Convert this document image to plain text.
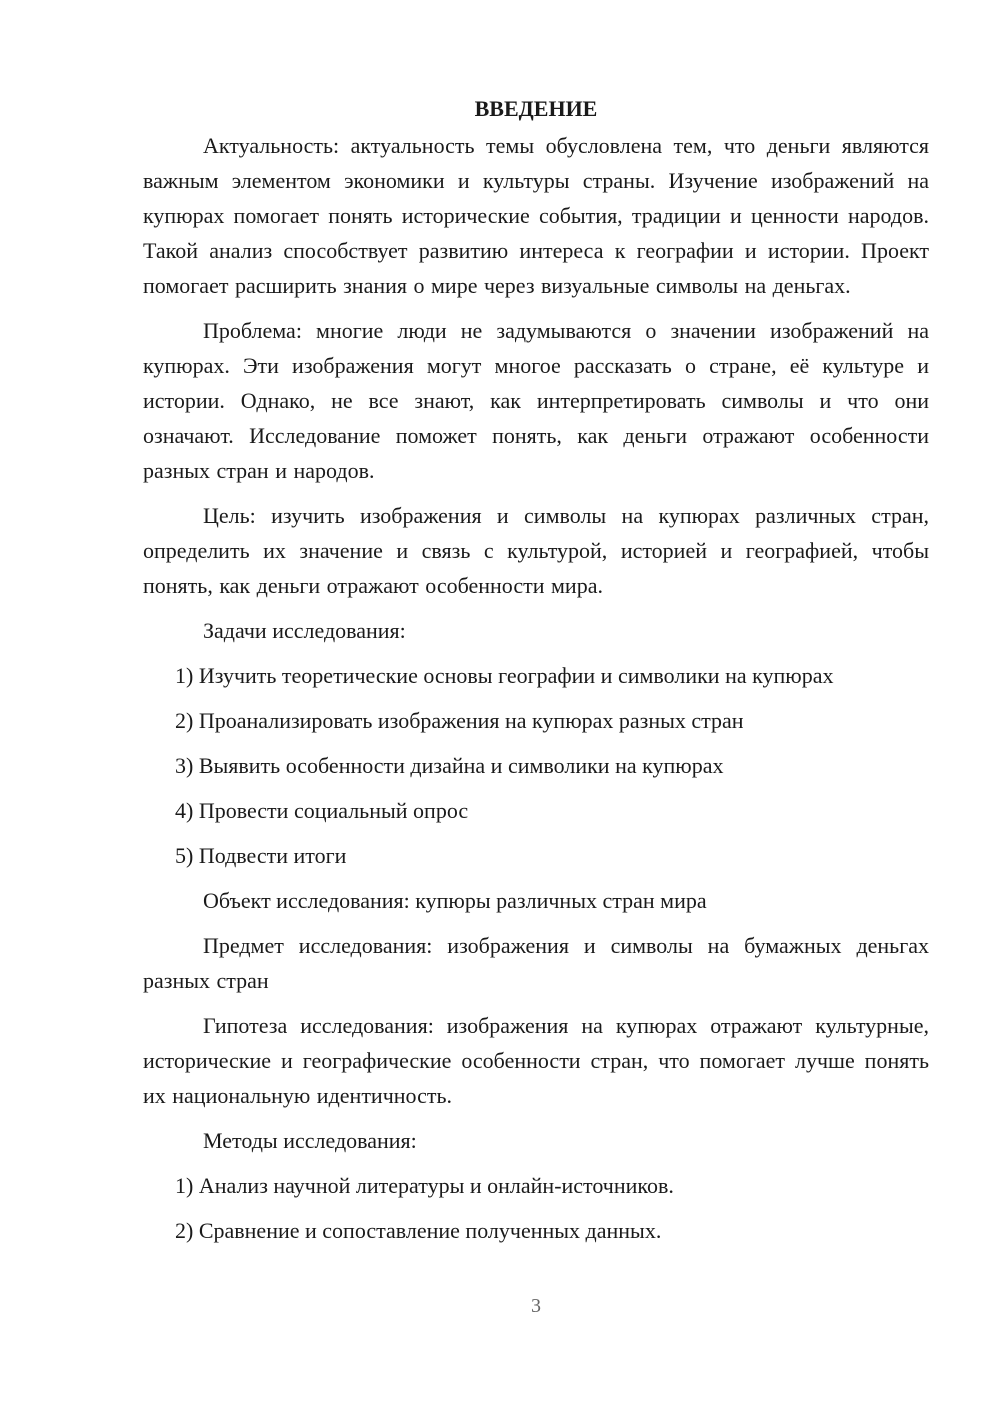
ВВЕДЕНИЕ

Актуальность: актуальность темы обусловлена тем, что деньги являются важным элементом экономики и культуры страны. Изучение изображений на купюрах помогает понять исторические события, традиции и ценности народов. Такой анализ способствует развитию интереса к географии и истории. Проект помогает расширить знания о мире через визуальные символы на деньгах.

Проблема: многие люди не задумываются о значении изображений на купюрах. Эти изображения могут многое рассказать о стране, её культуре и истории. Однако, не все знают, как интерпретировать символы и что они означают. Исследование поможет понять, как деньги отражают особенности разных стран и народов.

Цель: изучить изображения и символы на купюрах различных стран, определить их значение и связь с культурой, историей и географией, чтобы понять, как деньги отражают особенности мира.

Задачи исследования:

1) Изучить теоретические основы географии и символики на купюрах
2) Проанализировать изображения на купюрах разных стран
3) Выявить особенности дизайна и символики на купюрах
4) Провести социальный опрос
5) Подвести итоги

Объект исследования: купюры различных стран мира

Предмет исследования: изображения и символы на бумажных деньгах разных стран

Гипотеза исследования: изображения на купюрах отражают культурные, исторические и географические особенности стран, что помогает лучше понять их национальную идентичность.

Методы исследования:

1) Анализ научной литературы и онлайн-источников.
2) Сравнение и сопоставление полученных данных.
3
